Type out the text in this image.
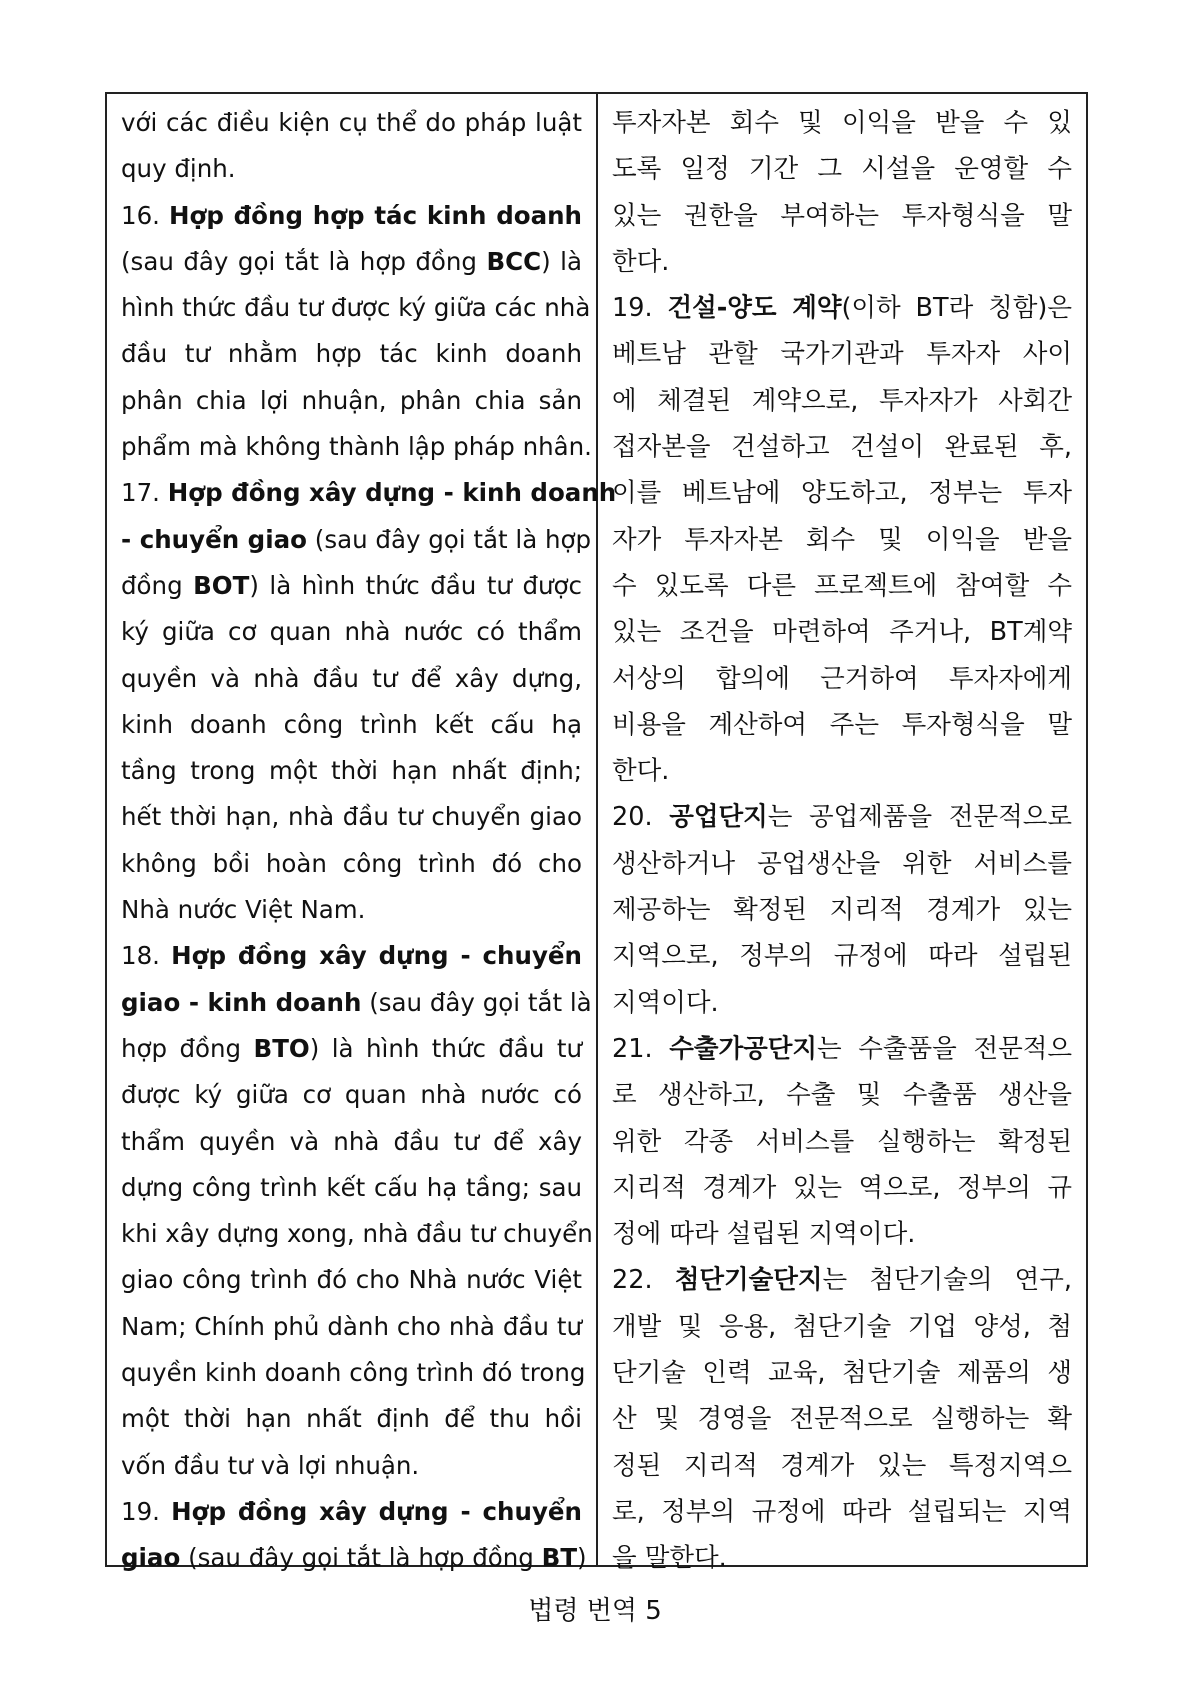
với các điều kiện cụ thể do pháp luật
quy định.
16. Hợp đồng hợp tác kinh doanh
(sau đây gọi tắt là hợp đồng BCC) là
hình thức đầu tư được ký giữa các nhà
đầu tư nhằm hợp tác kinh doanh
phân chia lợi nhuận, phân chia sản
phẩm mà không thành lập pháp nhân.
17. Hợp đồng xây dựng - kinh doanh
- chuyển giao (sau đây gọi tắt là hợp
đồng BOT) là hình thức đầu tư được
ký giữa cơ quan nhà nước có thẩm
quyền và nhà đầu tư để xây dựng,
kinh doanh công trình kết cấu hạ
tầng trong một thời hạn nhất định;
hết thời hạn, nhà đầu tư chuyển giao
không bồi hoàn công trình đó cho
Nhà nước Việt Nam.
18. Hợp đồng xây dựng - chuyển
giao - kinh doanh (sau đây gọi tắt là
hợp đồng BTO) là hình thức đầu tư
được ký giữa cơ quan nhà nước có
thẩm quyền và nhà đầu tư để xây
dựng công trình kết cấu hạ tầng; sau
khi xây dựng xong, nhà đầu tư chuyển
giao công trình đó cho Nhà nước Việt
Nam; Chính phủ dành cho nhà đầu tư
quyền kinh doanh công trình đó trong
một thời hạn nhất định để thu hồi
vốn đầu tư và lợi nhuận.
19. Hợp đồng xây dựng - chuyển
giao (sau đây gọi tắt là hợp đồng BT)
투자자본 회수 및 이익을 받을 수 있
도록 일정 기간 그 시설을 운영할 수
있는 권한을 부여하는 투자형식을 말
한다.
19. 건설-양도 계약(이하 BT라 칭함)은
베트남 관할 국가기관과 투자자 사이
에 체결된 계약으로, 투자자가 사회간
접자본을 건설하고 건설이 완료된 후,
이를 베트남에 양도하고, 정부는 투자
자가 투자자본 회수 및 이익을 받을
수 있도록 다른 프로젝트에 참여할 수
있는 조건을 마련하여 주거나, BT계약
서상의 합의에 근거하여 투자자에게
비용을 계산하여 주는 투자형식을 말
한다.
20. 공업단지는 공업제품을 전문적으로
생산하거나 공업생산을 위한 서비스를
제공하는 확정된 지리적 경계가 있는
지역으로, 정부의 규정에 따라 설립된
지역이다.
21. 수출가공단지는 수출품을 전문적으
로 생산하고, 수출 및 수출품 생산을
위한 각종 서비스를 실행하는 확정된
지리적 경계가 있는 역으로, 정부의 규
정에 따라 설립된 지역이다.
22. 첨단기술단지는 첨단기술의 연구,
개발 및 응용, 첨단기술 기업 양성, 첨
단기술 인력 교육, 첨단기술 제품의 생
산 및 경영을 전문적으로 실행하는 확
정된 지리적 경계가 있는 특정지역으
로, 정부의 규정에 따라 설립되는 지역
을 말한다.
법령 번역 5
